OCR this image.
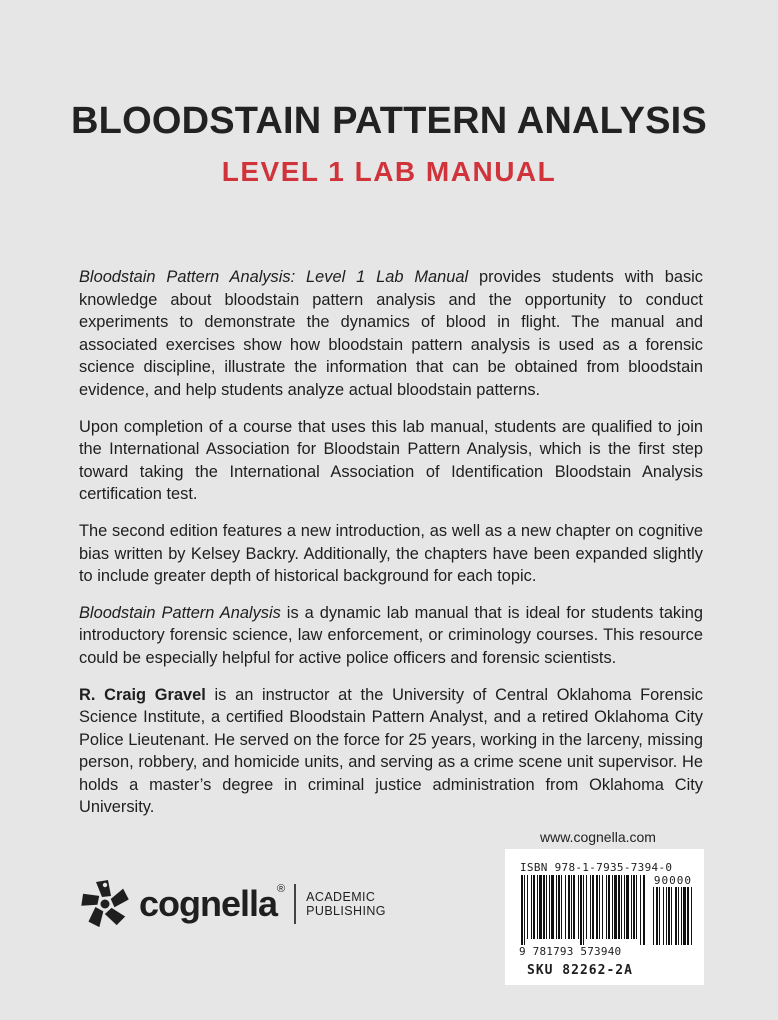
BLOODSTAIN PATTERN ANALYSIS
LEVEL 1 LAB MANUAL

Bloodstain Pattern Analysis: Level 1 Lab Manual provides students with basic knowledge about bloodstain pattern analysis and the opportunity to conduct experiments to demonstrate the dynamics of blood in flight. The manual and associated exercises show how bloodstain pattern analysis is used as a forensic science discipline, illustrate the information that can be obtained from bloodstain evidence, and help students analyze actual bloodstain patterns.

Upon completion of a course that uses this lab manual, students are qualified to join the International Association for Bloodstain Pattern Analysis, which is the first step toward taking the International Association of Identification Bloodstain Analysis certification test.

The second edition features a new introduction, as well as a new chapter on cognitive bias written by Kelsey Backry. Additionally, the chapters have been expanded slightly to include greater depth of historical background for each topic.

Bloodstain Pattern Analysis is a dynamic lab manual that is ideal for students taking introductory forensic science, law enforcement, or criminology courses. This resource could be especially helpful for active police officers and forensic scientists.

R. Craig Gravel is an instructor at the University of Central Oklahoma Forensic Science Institute, a certified Bloodstain Pattern Analyst, and a retired Oklahoma City Police Lieutenant. He served on the force for 25 years, working in the larceny, missing person, robbery, and homicide units, and serving as a crime scene unit supervisor. He holds a master’s degree in criminal justice administration from Oklahoma City University.

cognella®
ACADEMIC
PUBLISHING
www.cognella.com
ISBN 978-1-7935-7394-0
90000
9 781793 573940
SKU 82262-2A
